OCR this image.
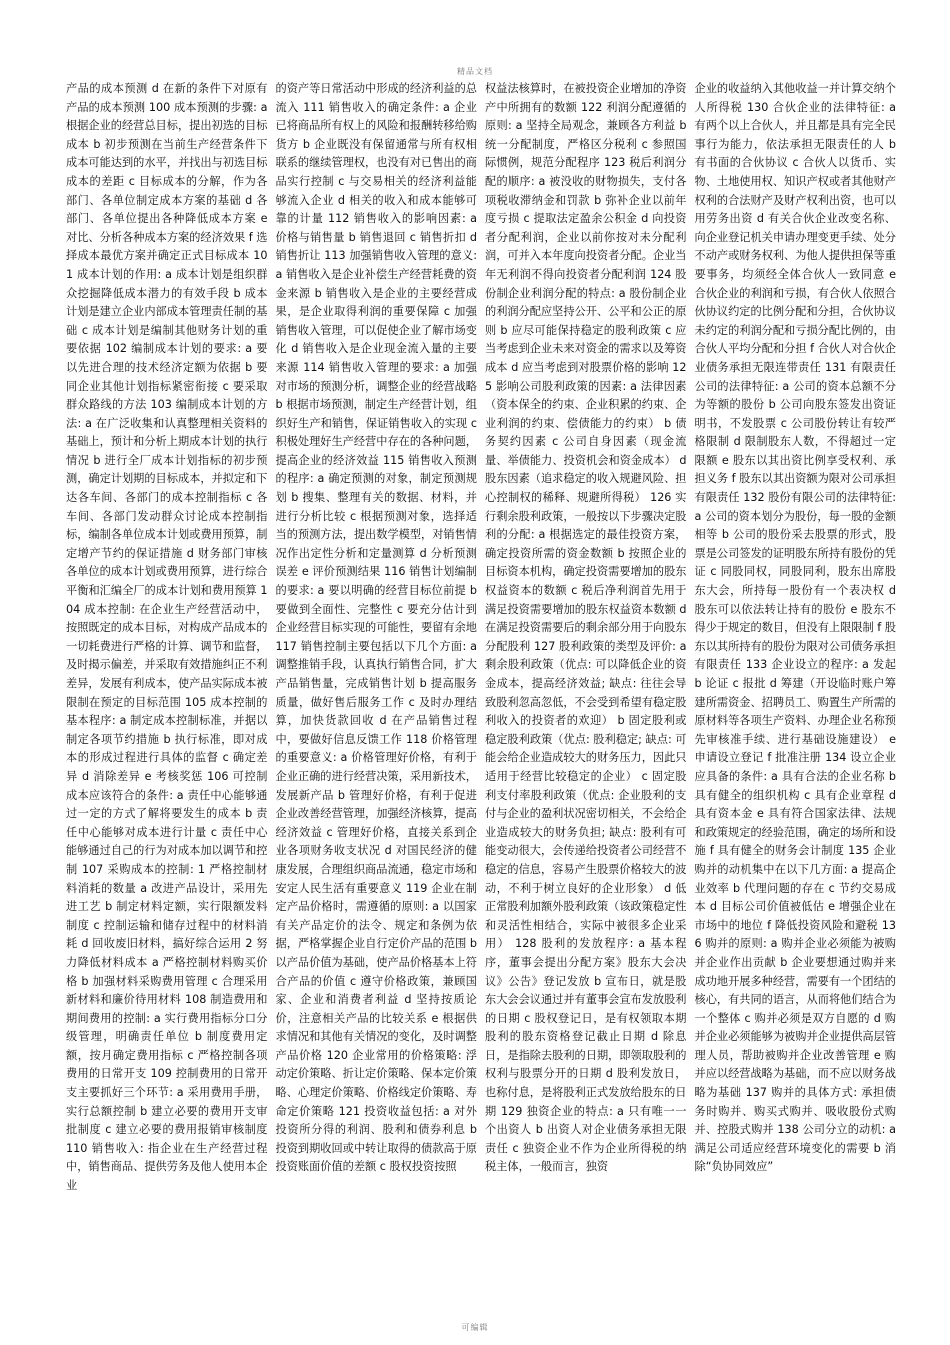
精品文档

产品的成本预测 d 在新的条件下对原有产品的成本预测 100 成本预测的步骤: a 根据企业的经营总目标，提出初选的目标成本 b 初步预测在当前生产经营条件下成本可能达到的水平，并找出与初选目标成本的差距 c 目标成本的分解，作为各部门、各单位制定成本方案的基础 d 各部门、各单位提出各种降低成本方案 e 对比、分析各种成本方案的经济效果 f 选择成本最优方案并确定正式目标成本 101 成本计划的作用: a 成本计划是组织群众挖掘降低成本潜力的有效手段 b 成本计划是建立企业内部成本管理责任制的基础 c 成本计划是编制其他财务计划的重要依据 102 编制成本计划的要求: a 要以先进合理的技术经济定额为依据 b 要同企业其他计划指标紧密衔接 c 要采取群众路线的方法 103 编制成本计划的方法: a 在广泛收集和认真整理相关资料的基础上，预计和分析上期成本计划的执行情况 b 进行全厂成本计划指标的初步预测，确定计划期的目标成本，并拟定和下达各车间、各部门的成本控制指标 c 各车间、各部门发动群众讨论成本控制指标，编制各单位成本计划或费用预算，制定增产节约的保证措施 d 财务部门审核各单位的成本计划或费用预算，进行综合平衡和汇编全厂的成本计划和费用预算 104 成本控制: 在企业生产经营活动中，按照既定的成本目标，对构成产品成本的一切耗费进行严格的计算、调节和监督，及时揭示偏差，并采取有效措施纠正不利差异，发展有利成本，使产品实际成本被限制在预定的目标范围 105 成本控制的基本程序: a 制定成本控制标准，并据以制定各项节约措施 b 执行标准，即对成本的形成过程进行具体的监督 c 确定差异 d 消除差异 e 考核奖惩 106 可控制成本应该符合的条件: a 责任中心能够通过一定的方式了解将要发生的成本 b 责任中心能够对成本进行计量 c 责任中心能够通过自己的行为对成本加以调节和控制 107 采购成本的控制: 1 严格控制材料消耗的数量 a 改进产品设计，采用先进工艺 b 制定材料定额，实行限额发料制度 c 控制运输和储存过程中的材料消耗 d 回收废旧材料，搞好综合运用 2 努力降低材料成本 a 严格控制材料购买价格 b 加强材料采购费用管理 c 合理采用新材料和廉价待用材料 108 制造费用和期间费用的控制: a 实行费用指标分口分级管理，明确责任单位 b 制度费用定额，按月确定费用指标 c 严格控制各项费用的日常开支 109 控制费用的日常开支主要抓好三个环节: a 采用费用手册，实行总额控制 b 建立必要的费用开支审批制度 c 建立必要的费用报销审核制度 110 销售收入: 指企业在生产经营过程中，销售商品、提供劳务及他人使用本企业

的资产等日常活动中形成的经济利益的总流入 111 销售收入的确定条件: a 企业已将商品所有权上的风险和报酬转移给购货方 b 企业既没有保留通常与所有权相联系的继续管理权，也没有对已售出的商品实行控制 c 与交易相关的经济利益能够流入企业 d 相关的收入和成本能够可靠的计量 112 销售收入的影响因素: a 价格与销售量 b 销售退回 c 销售折扣 d 销售折让 113 加强销售收入管理的意义: a 销售收入是企业补偿生产经营耗费的资金来源 b 销售收入是企业的主要经营成果，是企业取得利润的重要保障 c 加强销售收入管理，可以促使企业了解市场变化 d 销售收入是企业现金流入量的主要来源 114 销售收入管理的要求: a 加强对市场的预测分析，调整企业的经营战略 b 根据市场预测，制定生产经营计划，组织好生产和销售，保证销售收入的实现 c 积极处理好生产经营中存在的各种问题，提高企业的经济效益 115 销售收入预测的程序: a 确定预测的对象，制定预测规划 b 搜集、整理有关的数据、材料，并进行分析比较 c 根据预测对象，选择适当的预测方法，提出数学模型，对销售情况作出定性分析和定量测算 d 分析预测误差 e 评价预测结果 116 销售计划编制的要求: a 要以明确的经营目标位前提 b 要做到全面性、完整性 c 要充分估计到企业经营目标实现的可能性，要留有余地 117 销售控制主要包括以下几个方面: a 调整推销手段，认真执行销售合同，扩大产品销售量，完成销售计划 b 提高服务质量，做好售后服务工作 c 及时办理结算，加快货款回收 d 在产品销售过程中，要做好信息反馈工作 118 价格管理的重要意义: a 价格管理好价格，有利于企业正确的进行经营决策，采用新技术，发展新产品 b 管理好价格，有利于促进企业改善经营管理，加强经济核算，提高经济效益 c 管理好价格，直接关系到企业各项财务收支状况 d 对国民经济的健康发展，合理组织商品流通，稳定市场和安定人民生活有重要意义 119 企业在制定产品价格时，需遵循的原则: a 以国家有关产品定价的法令、规定和条例为依据，严格掌握企业自行定价产品的范围 b 以产品价值为基础，使产品价格基本上符合产品的价值 c 遵守价格政策，兼顾国家、企业和消费者利益 d 坚持按质论价，注意相关产品的比较关系 e 根据供求情况和其他有关情况的变化，及时调整产品价格 120 企业常用的价格策略: 浮动定价策略、折让定价策略、保本定价策略、心理定价策略、价格线定价策略、寿命定价策略 121 投资收益包括: a 对外投资所分得的利润、股利和债券利息 b 投资到期收回或中转让取得的债款高于原投资账面价值的差额 c 股权投资按照

权益法核算时，在被投资企业增加的净资产中所拥有的数额 122 利润分配遵循的原则: a 坚持全局观念，兼顾各方利益 b 统一分配制度，严格区分税利 c 参照国际惯例，规范分配程序 123 税后利润分配的顺序: a 被没收的财物损失，支付各项税收滞纳金和罚款 b 弥补企业以前年度亏损 c 提取法定盈余公积金 d 向投资者分配利润，企业以前你按对未分配利润，可并入本年度向投资者分配。企业当年无利润不得向投资者分配利润 124 股份制企业利润分配的特点: a 股份制企业的利润分配应坚持公开、公平和公正的原则 b 应尽可能保持稳定的股利政策 c 应当考虑到企业未来对资金的需求以及筹资成本 d 应当考虑到对股票价格的影响 125 影响公司股利政策的因素: a 法律因素（资本保全的约束、企业积累的约束、企业利润的约束、偿债能力的约束） b 债务契约因素 c 公司自身因素（现金流量、举债能力、投资机会和资金成本） d 股东因素（追求稳定的收入规避风险、担心控制权的稀释、规避所得税） 126 实行剩余股利政策，一般按以下步骤决定股利的分配: a 根据选定的最佳投资方案，确定投资所需的资金数额 b 按照企业的目标资本机构，确定投资需要增加的股东权益资本的数额 c 税后净利润首先用于满足投资需要增加的股东权益资本数额 d 在满足投资需要后的剩余部分用于向股东分配股利 127 股利政策的类型及评价: a 剩余股利政策（优点: 可以降低企业的资金成本，提高经济效益; 缺点: 往往会导致股利忽高忽低，不会受到希望有稳定股利收入的投资者的欢迎） b 固定股利或稳定股利政策（优点: 股利稳定; 缺点: 可能会给企业造成较大的财务压力，因此只适用于经营比较稳定的企业） c 固定股利支付率股利政策（优点: 企业股利的支付与企业的盈利状况密切相关，不会给企业造成较大的财务负担; 缺点: 股利有可能变动很大，会传递给投资者公司经营不稳定的信息，容易产生股票价格较大的波动，不利于树立良好的企业形象） d 低正常股利加额外股利政策（该政策稳定性和灵活性相结合，实际中被很多企业采用） 128 股利的发放程序: a 基本程序，董事会提出分配方案》股东大会决议》公告》登记发放 b 宣布日，就是股东大会会议通过并有董事会宣布发放股利的日期 c 股权登记日，是有权领取本期股利的股东资格登记截止日期 d 除息日，是指除去股利的日期，即领取股利的权利与股票分开的日期 d 股利发放日，也称付息，是将股利正式发放给股东的日期 129 独资企业的特点: a 只有唯一一个出资人 b 出资人对企业债务承担无限责任 c 独资企业不作为企业所得税的纳税主体，一般而言，独资

企业的收益纳入其他收益一并计算交纳个人所得税 130 合伙企业的法律特征: a 有两个以上合伙人，并且都是具有完全民事行为能力，依法承担无限责任的人 b 有书面的合伙协议 c 合伙人以货币、实物、土地使用权、知识产权或者其他财产权利的合法财产及财产权利出资，也可以用劳务出资 d 有关合伙企业改变名称、向企业登记机关申请办理变更手续、处分不动产或财务权利、为他人提供担保等重要事务，均须经全体合伙人一致同意 e 合伙企业的利润和亏损，有合伙人依照合伙协议约定的比例分配和分担，合伙协议未约定的利润分配和亏损分配比例的，由合伙人平均分配和分担 f 合伙人对合伙企业债务承担无限连带责任 131 有限责任公司的法律特征: a 公司的资本总额不分为等额的股份 b 公司向股东签发出资证明书，不发股票 c 公司股份转让有较严格限制 d 限制股东人数，不得超过一定限额 e 股东以其出资比例享受权利、承担义务 f 股东以其出资额为限对公司承担有限责任 132 股份有限公司的法律特征: a 公司的资本划分为股份，每一股的金额相等 b 公司的股份采去股票的形式，股票是公司签发的证明股东所持有股份的凭证 c 同股同权，同股同利，股东出席股东大会，所持每一股份有一个表决权 d 股东可以依法转让持有的股份 e 股东不得少于规定的数目，但没有上限限制 f 股东以其所持有的股份为限对公司债务承担有限责任 133 企业设立的程序: a 发起 b 论证 c 报批 d 筹建（开设临时账户筹建所需资金、招聘员工、购置生产所需的原材料等各项生产资料、办理企业名称预先审核准手续、进行基础设施建设） e 申请设立登记 f 批准注册 134 设立企业应具备的条件: a 具有合法的企业名称 b 具有健全的组织机构 c 具有企业章程 d 具有资本金 e 具有符合国家法律、法规和政策规定的经验范围，确定的场所和设施 f 具有健全的财务会计制度 135 企业购并的动机集中在以下几方面: a 提高企业效率 b 代理问题的存在 c 节约交易成本 d 目标公司价值被低估 e 增强企业在市场中的地位 f 降低投资风险和避税 136 购并的原则: a 购并企业必须能为被购并企业作出贡献 b 企业要想通过购并来成功地开展多种经营，需要有一个团结的核心，有共同的语言，从而将他们结合为一个整体 c 购并必须是双方自愿的 d 购并企业必须能够为被购并企业提供高层管理人员，帮助被购并企业改善管理 e 购并应以经营战略为基础，而不应以财务战略为基础 137 购并的具体方式: 承担债务时购并、购买式购并、吸收股份式购并、控股式购并 138 公司分立的动机: a 满足公司适应经营环境变化的需要 b 消除“负协同效应”

可编辑
